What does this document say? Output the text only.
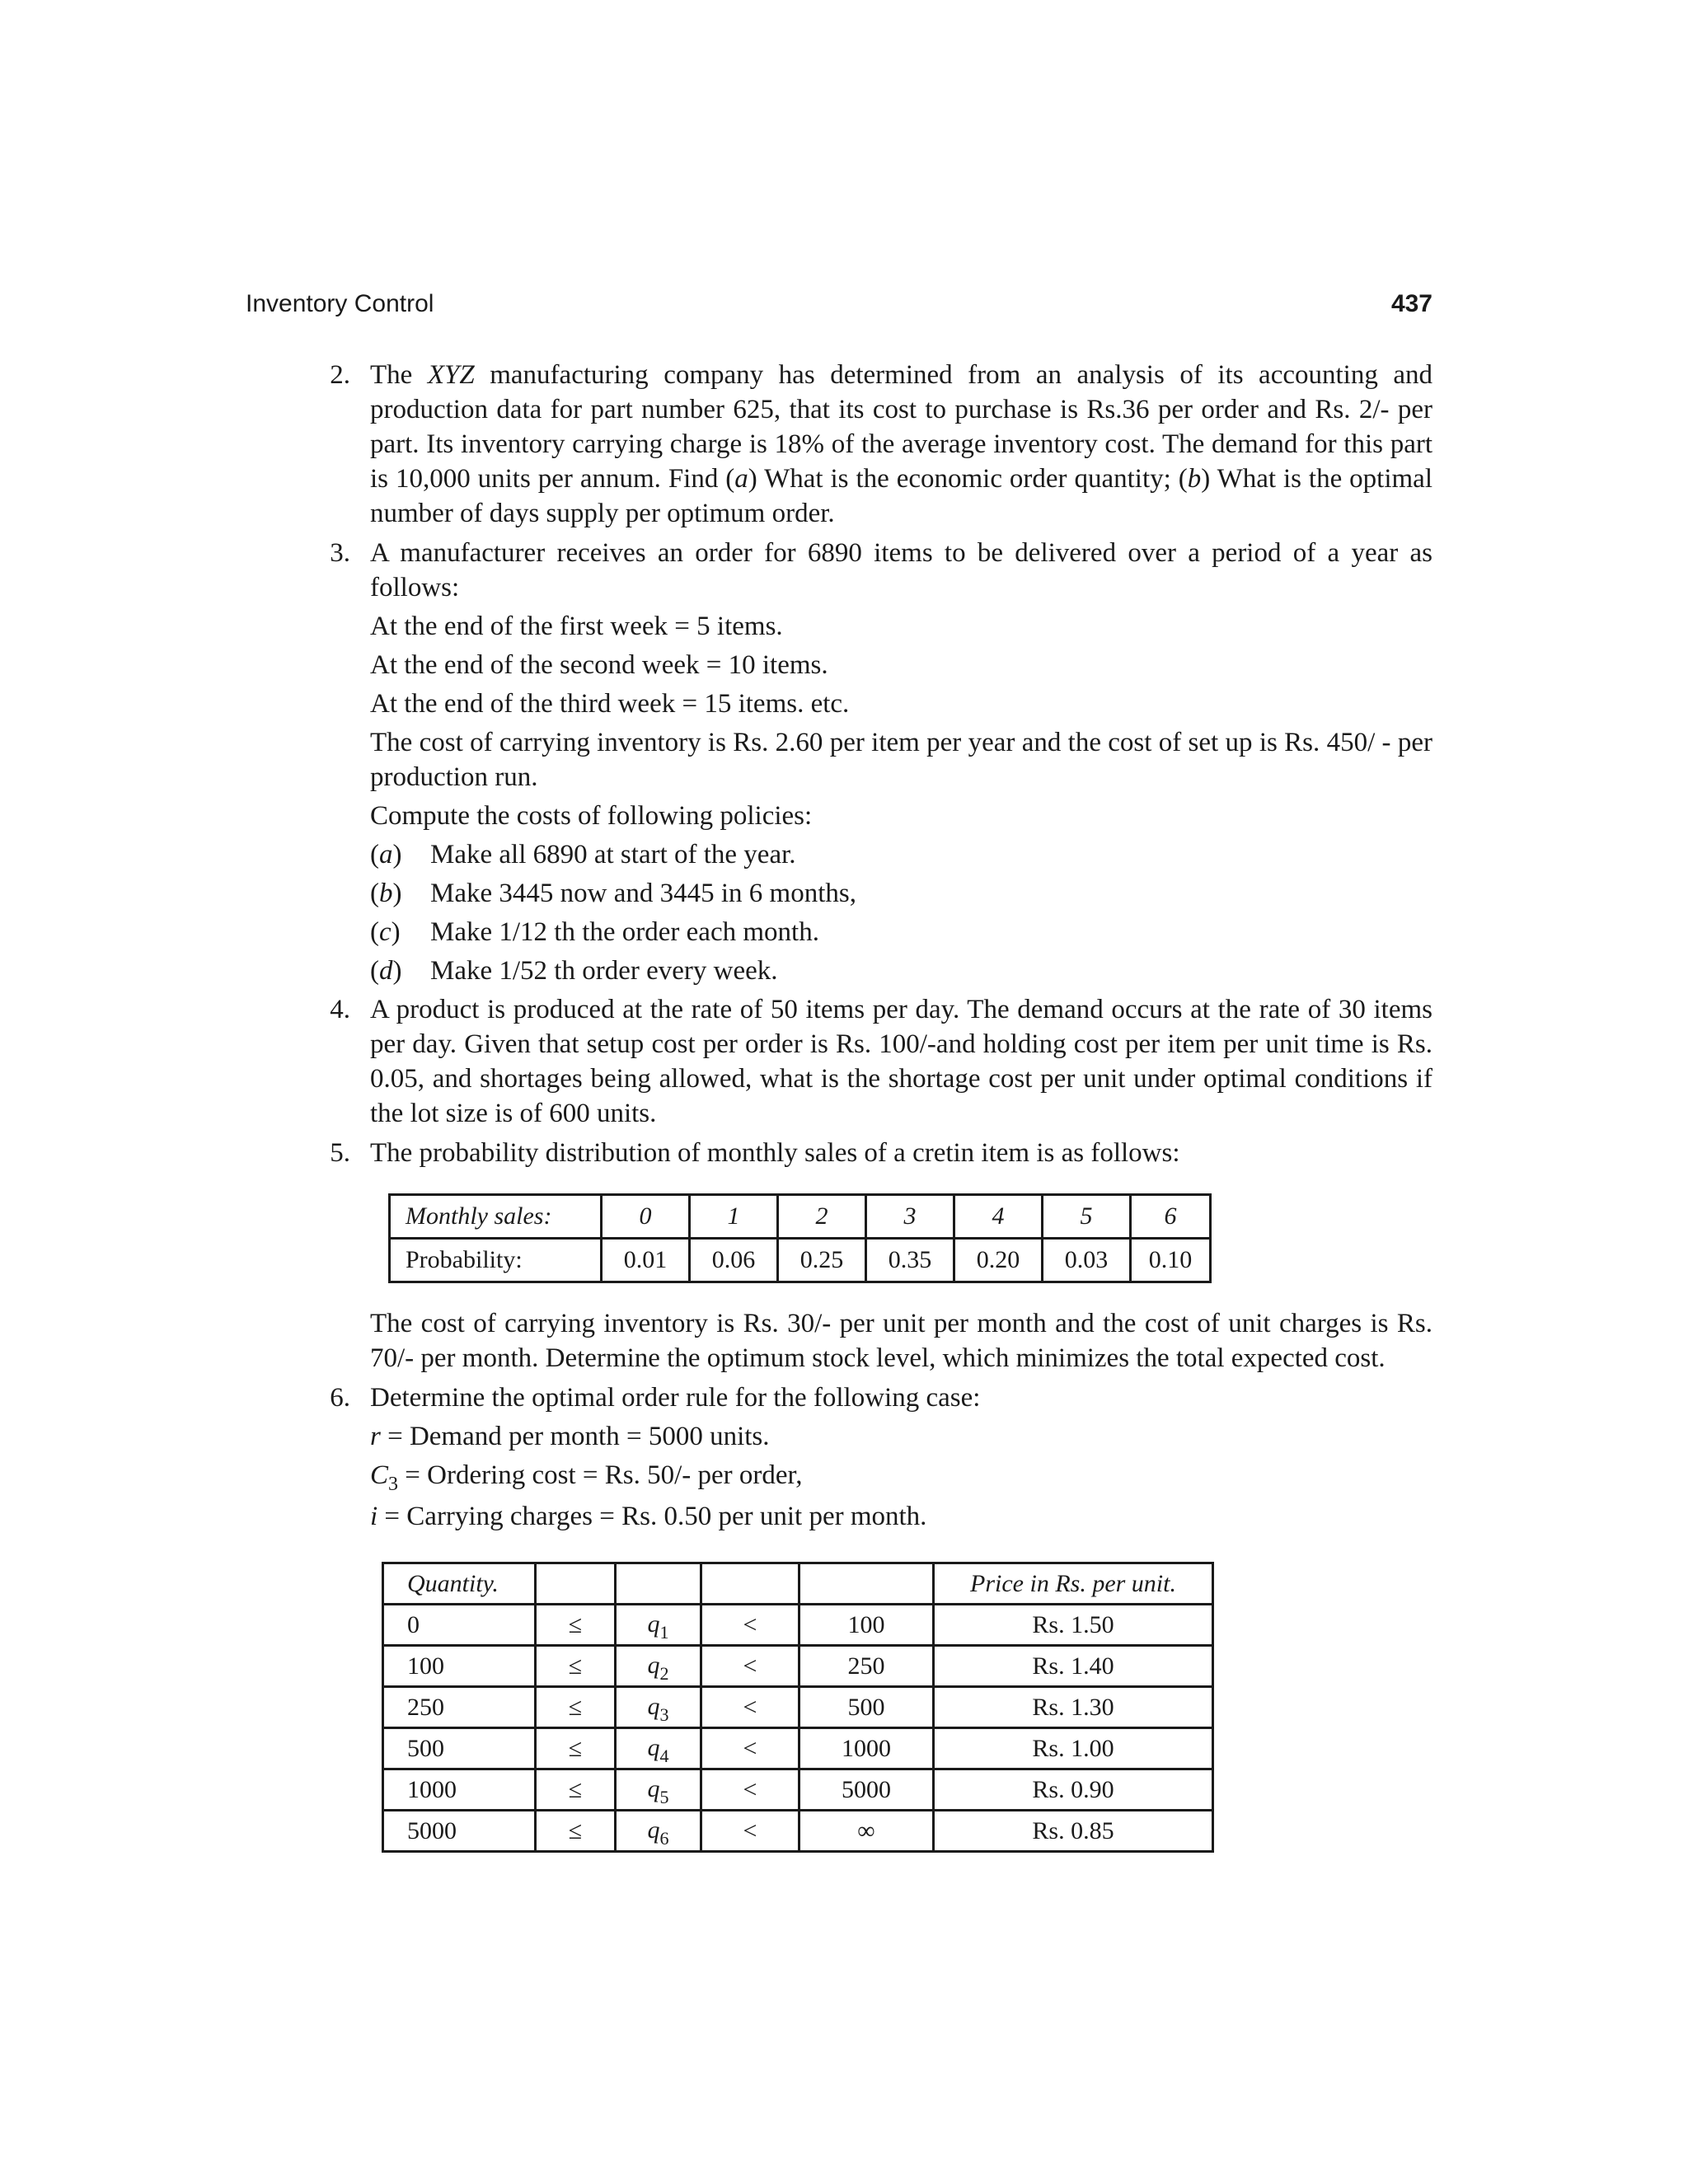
Inventory Control	437
2. The XYZ manufacturing company has determined from an analysis of its accounting and production data for part number 625, that its cost to purchase is Rs.36 per order and Rs. 2/- per part. Its inventory carrying charge is 18% of the average inventory cost. The demand for this part is 10,000 units per annum. Find (a) What is the economic order quantity; (b) What is the optimal number of days supply per optimum order.
3. A manufacturer receives an order for 6890 items to be delivered over a period of a year as follows:
At the end of the first week = 5 items.
At the end of the second week = 10 items.
At the end of the third week = 15 items. etc.
The cost of carrying inventory is Rs. 2.60 per item per year and the cost of set up is Rs. 450/ - per production run.
Compute the costs of following policies:
(a) Make all 6890 at start of the year.
(b) Make 3445 now and 3445 in 6 months,
(c) Make 1/12 th the order each month.
(d) Make 1/52 th order every week.
4. A product is produced at the rate of 50 items per day. The demand occurs at the rate of 30 items per day. Given that setup cost per order is Rs. 100/-and holding cost per item per unit time is Rs. 0.05, and shortages being allowed, what is the shortage cost per unit under optimal conditions if the lot size is of 600 units.
5. The probability distribution of monthly sales of a cretin item is as follows:
Monthly sales:	0	1	2	3	4	5	6
Probability:	0.01	0.06	0.25	0.35	0.20	0.03	0.10
The cost of carrying inventory is Rs. 30/- per unit per month and the cost of unit charges is Rs. 70/- per month. Determine the optimum stock level, which minimizes the total expected cost.
6. Determine the optimal order rule for the following case:
r = Demand per month = 5000 units.
$C_3$ = Ordering cost = Rs. 50/- per order,
i = Carrying charges = Rs. 0.50 per unit per month.
Quantity.					Price in Rs. per unit.
0	≤	$q_1$	<	100	Rs. 1.50
100	≤	$q_2$	<	250	Rs. 1.40
250	≤	$q_3$	<	500	Rs. 1.30
500	≤	$q_4$	<	1000	Rs. 1.00
1000	≤	$q_5$	<	5000	Rs. 0.90
5000	≤	$q_6$	<	∞	Rs. 0.85
